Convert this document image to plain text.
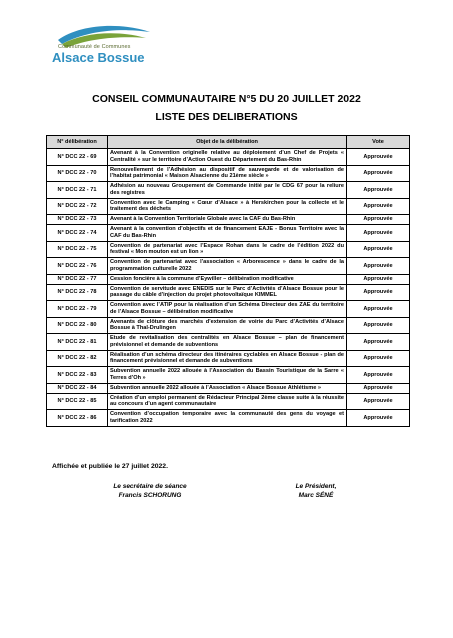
Communauté de Communes
Alsace Bossue
CONSEIL COMMUNAUTAIRE N°5 DU 20 JUILLET 2022
LISTE DES DELIBERATIONS
N° délibération	Objet de la délibération	Vote
N° DCC 22 - 69	Avenant à la Convention originelle relative au déploiement d’un Chef de Projets « Centralité » sur le territoire d’Action Ouest du Département du Bas-Rhin	Approuvée
N° DCC 22 - 70	Renouvellement de l’Adhésion au dispositif de sauvegarde et de valorisation de l’habitat patrimonial « Maison Alsacienne du 21ème siècle »	Approuvée
N° DCC 22 - 71	Adhésion au nouveau Groupement de Commande initié par le CDG 67 pour la reliure des registres	Approuvée
N° DCC 22 - 72	Convention avec le Camping « Cœur d’Alsace » à Herskirchen pour la collecte et le traitement des déchets	Approuvée
N° DCC 22 - 73	Avenant à la Convention Territoriale Globale avec la CAF du Bas-Rhin	Approuvée
N° DCC 22 - 74	Avenant à la convention d’objectifs et de financement EAJE - Bonus Territoire avec la CAF du Bas-Rhin	Approuvée
N° DCC 22 - 75	Convention de partenariat avec l’Espace Rohan dans le cadre de l’édition 2022 du festival « Mon mouton est un lion »	Approuvée
N° DCC 22 - 76	Convention de partenariat avec l’association « Arborescence » dans le cadre de la programmation culturelle 2022	Approuvée
N° DCC 22 - 77	Cession foncière à la commune d’Eywiller – délibération modificative	Approuvée
N° DCC 22 - 78	Convention de servitude avec ENEDIS sur le Parc d’Activités d’Alsace Bossue pour le passage du câble d’injection du projet photovoltaïque KIMMEL	Approuvée
N° DCC 22 - 79	Convention avec l’ATIP pour la réalisation d’un Schéma Directeur des ZAE du territoire de l’Alsace Bossue – délibération modificative	Approuvée
N° DCC 22 - 80	Avenants de clôture des marchés d’extension de voirie du Parc d’Activités d’Alsace Bossue à Thal-Drulingen	Approuvée
N° DCC 22 - 81	Etude de revitalisation des centralités en Alsace Bossue – plan de financement prévisionnel et demande de subventions	Approuvée
N° DCC 22 - 82	Réalisation d’un schéma directeur des itinéraires cyclables en Alsace Bossue - plan de financement prévisionnel et demande de subventions	Approuvée
N° DCC 22 - 83	Subvention annuelle 2022 allouée à l’Association du Bassin Touristique de la Sarre « Terres d’Oh »	Approuvée
N° DCC 22 - 84	Subvention annuelle 2022 allouée à l’Association « Alsace Bossue Athlétisme »	Approuvée
N° DCC 22 - 85	Création d’un emploi permanent de Rédacteur Principal 2ème classe suite à la réussite au concours d’un agent communautaire	Approuvée
N° DCC 22 - 86	Convention d’occupation temporaire avec la communauté des gens du voyage et tarification 2022	Approuvée
Affichée et publiée le 27 juillet 2022.
Le secrétaire de séance
Francis SCHORUNG
Le Président,
Marc SÉNÉ
